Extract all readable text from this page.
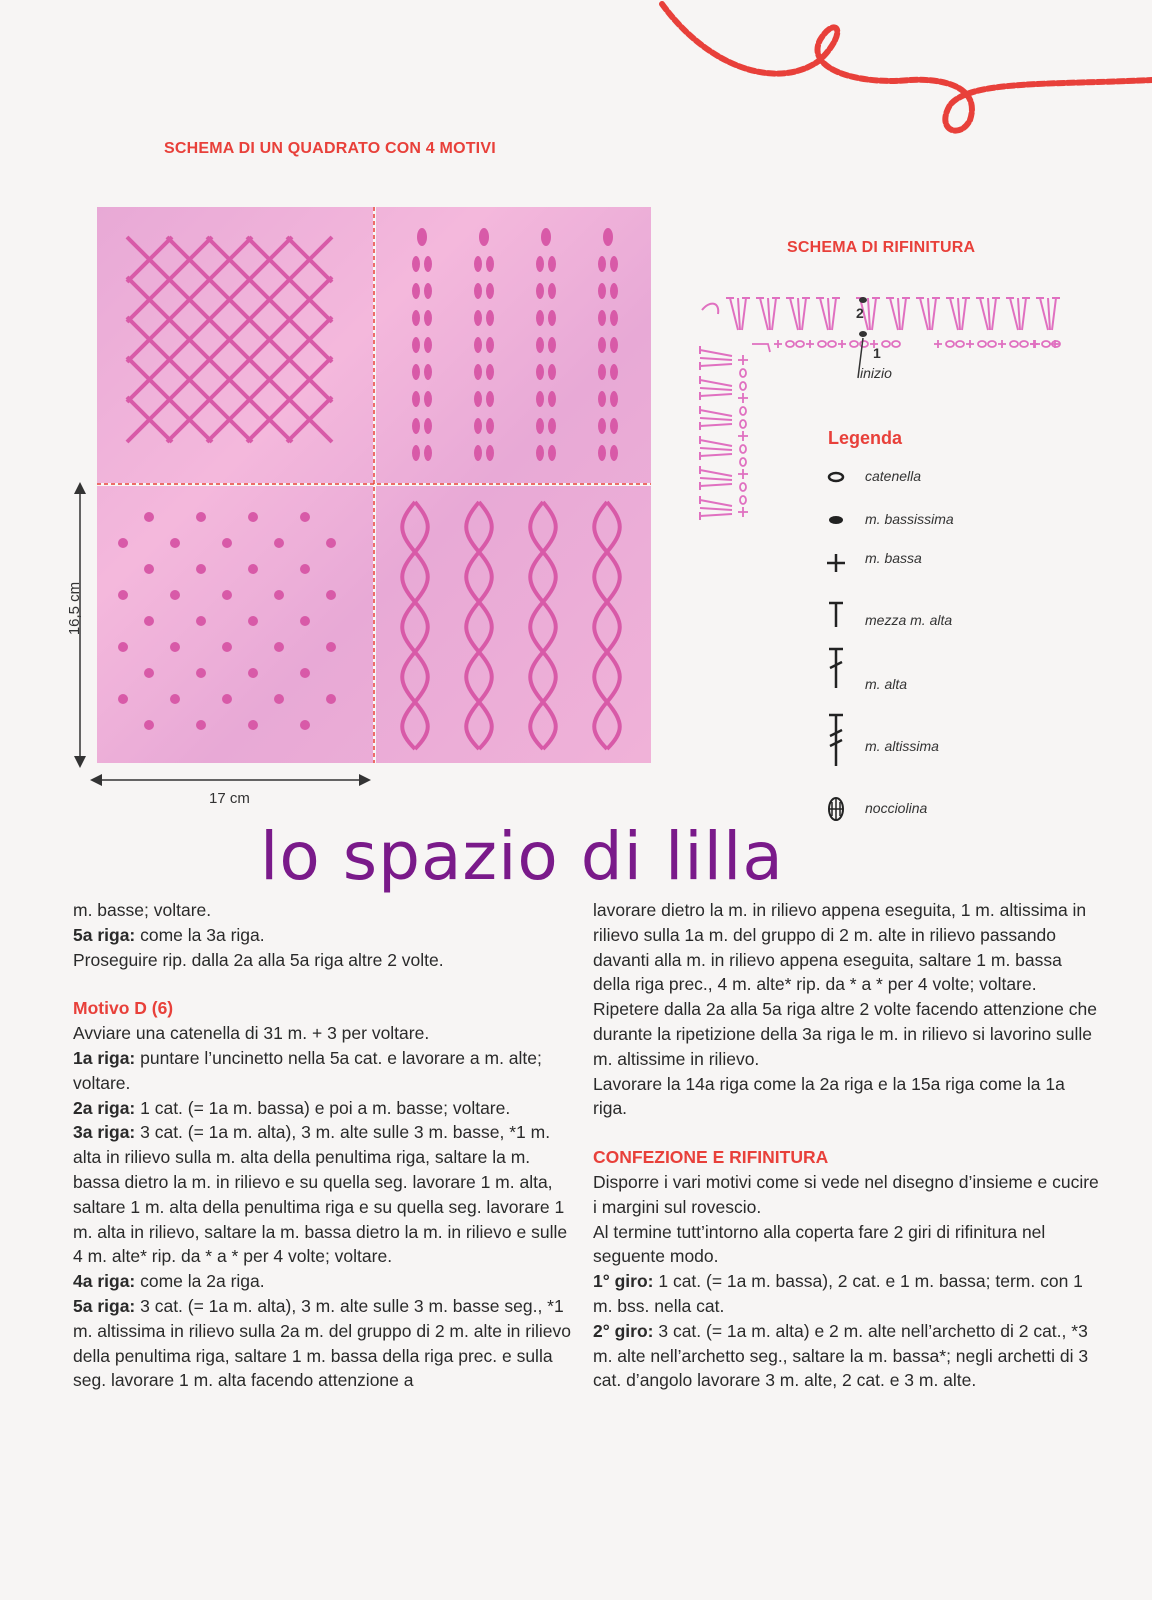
SCHEMA DI UN QUADRATO CON 4 MOTIVI
SCHEMA DI RIFINITURA
17 cm
16,5 cm
2
1
inizio
Legenda
catenella
m. bassissima
m. bassa
mezza m. alta
m. alta
m. altissima
nocciolina
lo spazio di lilla

m. basse; voltare.

5a riga: come la 3a riga.

Proseguire rip. dalla 2a alla 5a riga altre 2 volte.

Motivo D (6)

Avviare una catenella di 31 m. + 3 per voltare.

1a riga: puntare l’uncinetto nella 5a cat. e lavorare a m. alte; voltare.

2a riga: 1 cat. (= 1a m. bassa) e poi a m. basse; voltare.

3a riga: 3 cat. (= 1a m. alta), 3 m. alte sulle 3 m. basse, *1 m. alta in rilievo sulla m. alta della penultima riga, saltare la m. bassa dietro la m. in rilievo e su quella seg. lavorare 1 m. alta, saltare 1 m. alta della penultima riga e su quella seg. lavorare 1 m. alta in rilievo, saltare la m. bassa dietro la m. in rilievo e sulle 4 m. alte* rip. da * a * per 4 volte; voltare.

4a riga: come la 2a riga.

5a riga: 3 cat. (= 1a m. alta), 3 m. alte sulle 3 m. basse seg., *1 m. altissima in rilievo sulla 2a m. del gruppo di 2 m. alte in rilievo della penultima riga, saltare 1 m. bassa della riga prec. e sulla seg. lavorare 1 m. alta facendo attenzione a

lavorare dietro la m. in rilievo appena eseguita, 1 m. altissima in rilievo sulla 1a m. del gruppo di 2 m. alte in rilievo passando davanti alla m. in rilievo appena eseguita, saltare 1 m. bassa della riga prec., 4 m. alte* rip. da * a * per 4 volte; voltare.

Ripetere dalla 2a alla 5a riga altre 2 volte facendo attenzione che durante la ripetizione della 3a riga le m. in rilievo si lavorino sulle m. altissime in rilievo.

Lavorare la 14a riga come la 2a riga e la 15a riga come la 1a riga.

CONFEZIONE E RIFINITURA

Disporre i vari motivi come si vede nel disegno d’insieme e cucire i margini sul rovescio.

Al termine tutt’intorno alla coperta fare 2 giri di rifinitura nel seguente modo.

1° giro: 1 cat. (= 1a m. bassa), 2 cat. e 1 m. bassa; term. con 1 m. bss. nella cat.

2° giro: 3 cat. (= 1a m. alta) e 2 m. alte nell’archetto di 2 cat., *3 m. alte nell’archetto seg., saltare la m. bassa*; negli archetti di 3 cat. d’angolo lavorare 3 m. alte, 2 cat. e 3 m. alte.
